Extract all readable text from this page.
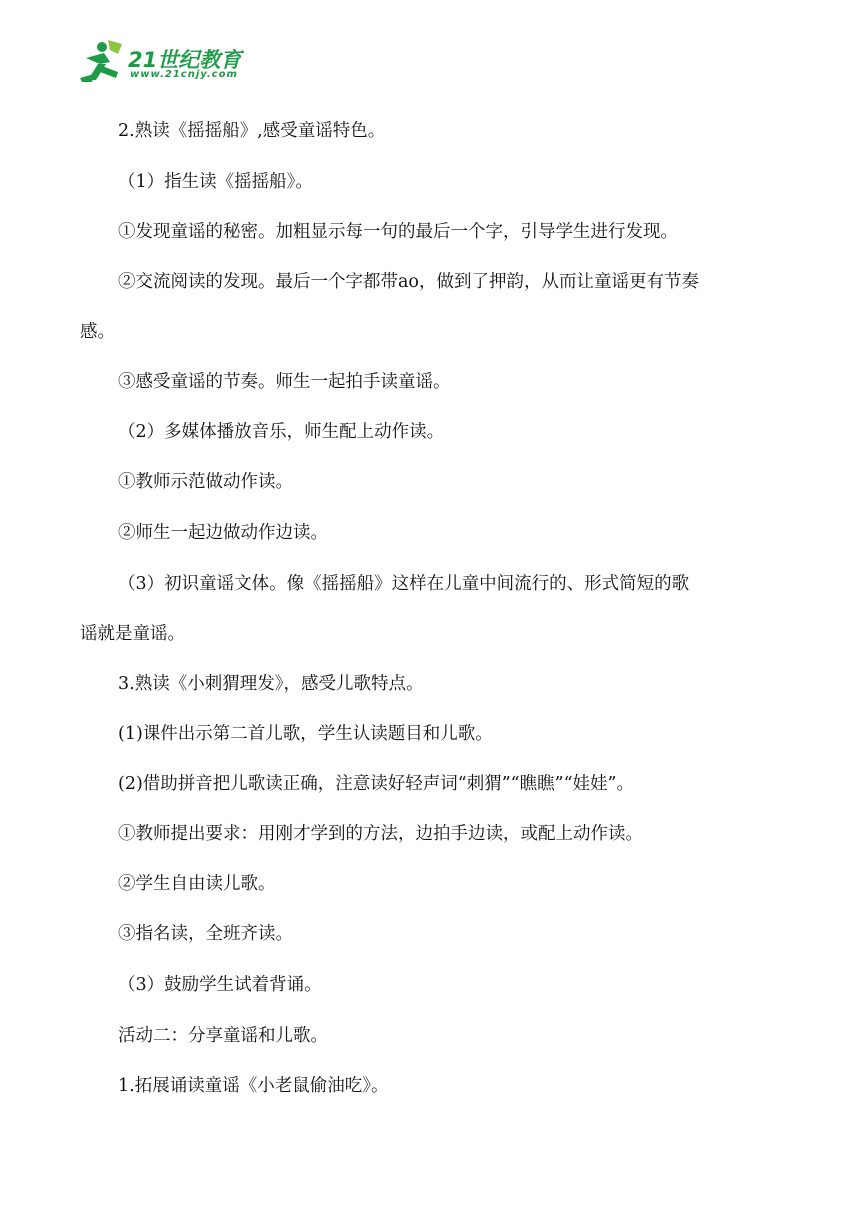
21世纪教育
www.21cnjy.com
2.熟读《摇摇船》,感受童谣特色。
（1）指生读《摇摇船》。
①发现童谣的秘密。加粗显示每一句的最后一个字，引导学生进行发现。
②交流阅读的发现。最后一个字都带ao，做到了押韵，从而让童谣更有节奏
感。
③感受童谣的节奏。师生一起拍手读童谣。
（2）多媒体播放音乐，师生配上动作读。
①教师示范做动作读。
②师生一起边做动作边读。
（3）初识童谣文体。像《摇摇船》这样在儿童中间流行的、形式简短的歌
谣就是童谣。
3.熟读《小刺猬理发》，感受儿歌特点。
(1)课件出示第二首儿歌，学生认读题目和儿歌。
(2)借助拼音把儿歌读正确，注意读好轻声词“刺猬”“瞧瞧”“娃娃”。
①教师提出要求：用刚才学到的方法，边拍手边读，或配上动作读。
②学生自由读儿歌。
③指名读，全班齐读。
（3）鼓励学生试着背诵。
活动二：分享童谣和儿歌。
1.拓展诵读童谣《小老鼠偷油吃》。
